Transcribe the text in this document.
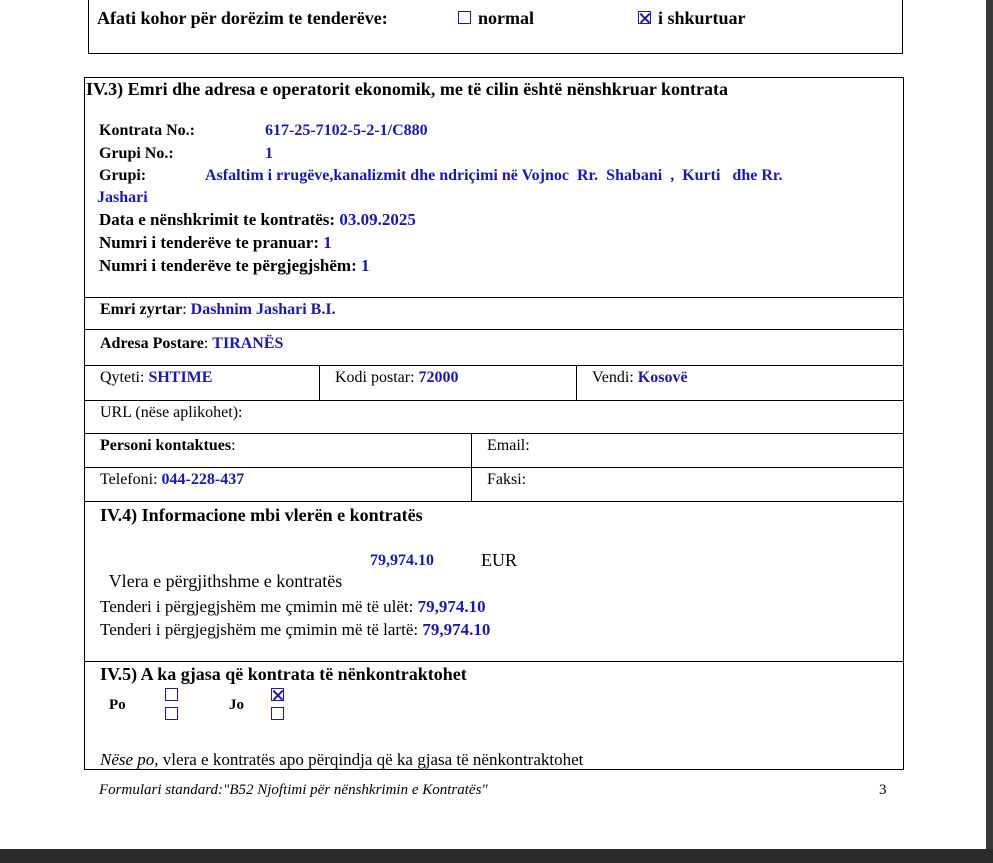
Afati kohor për dorëzim te tenderëve:	normal	i shkurtuar
IV.3) Emri dhe adresa e operatorit ekonomik, me të cilin është nënshkruar kontrata
Kontrata No.:	617-25-7102-5-2-1/C880
Grupi No.:	1
Grupi:	Asfaltim i rrugëve,kanalizmit dhe ndriçimi në Vojnoc  Rr.  Shabani  ,  Kurti   dhe Rr.
Jashari
Data e nënshkrimit te kontratës: 03.09.2025
Numri i tenderëve te pranuar: 1
Numri i tenderëve te përgjegjshëm: 1
Emri zyrtar: Dashnim Jashari B.I.
Adresa Postare: TIRANËS
Qyteti: SHTIME	Kodi postar: 72000	Vendi: Kosovë
URL (nëse aplikohet):
Personi kontaktues:	Email:
Telefoni: 044-228-437	Faksi:
IV.4) Informacione mbi vlerën e kontratës

Vlera e përgjithshme e kontratës

79,974.10	EUR
Tenderi i përgjegjshëm me çmimin më të ulët: 79,974.10
Tenderi i përgjegjshëm me çmimin më të lartë: 79,974.10
IV.5) A ka gjasa që kontrata të nënkontraktohet
Po	Jo
Nëse po, vlera e kontratës apo përqindja që ka gjasa të nënkontraktohet
Formulari standard:"B52 Njoftimi për nënshkrimin e Kontratës"	3
